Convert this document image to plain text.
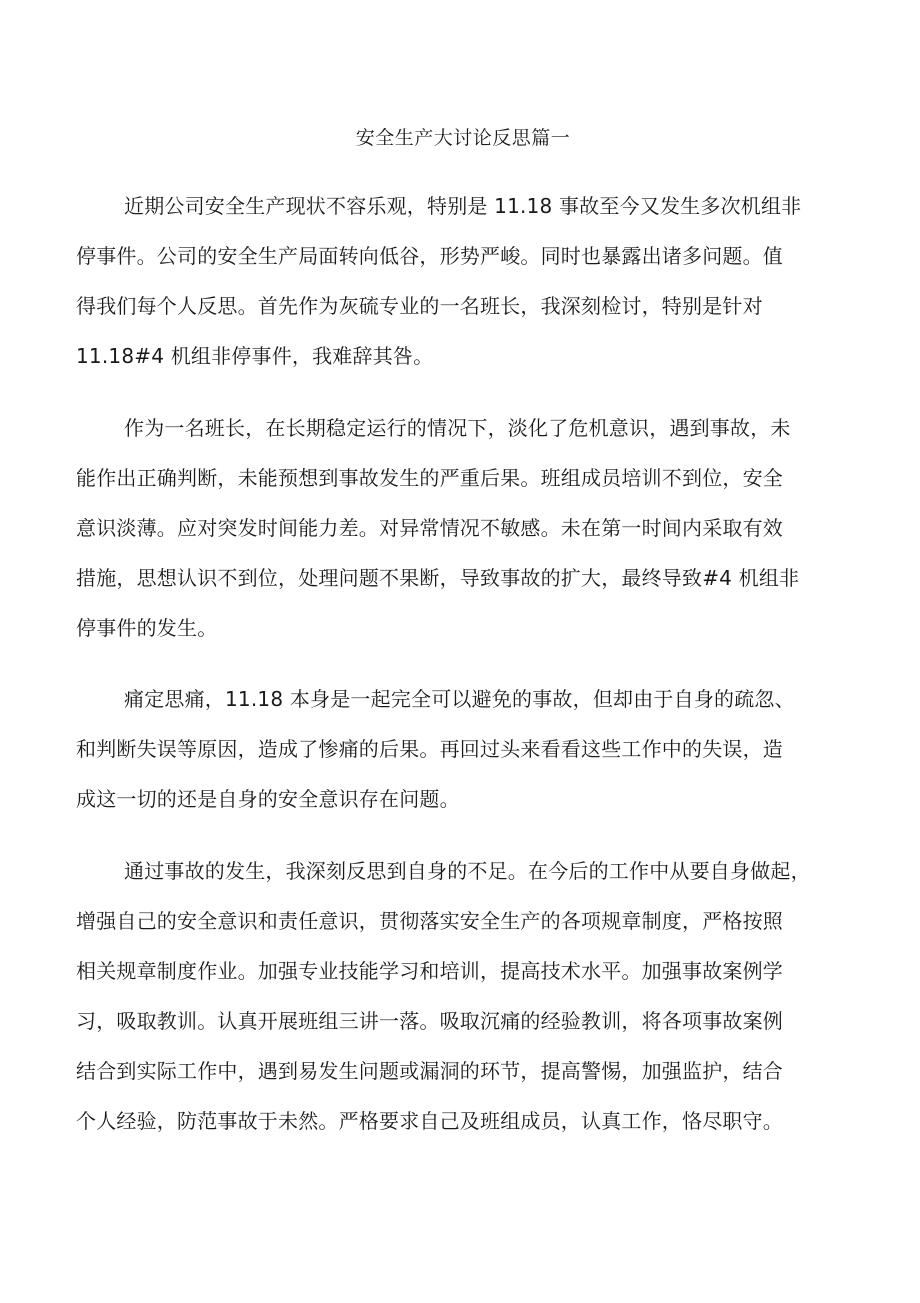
安全生产大讨论反思篇一
近期公司安全生产现状不容乐观，特别是 11.18 事故至今又发生多次机组非
停事件。公司的安全生产局面转向低谷，形势严峻。同时也暴露出诸多问题。值
得我们每个人反思。首先作为灰硫专业的一名班长，我深刻检讨，特别是针对
11.18#4 机组非停事件，我难辞其咎。
作为一名班长，在长期稳定运行的情况下，淡化了危机意识，遇到事故，未
能作出正确判断，未能预想到事故发生的严重后果。班组成员培训不到位，安全
意识淡薄。应对突发时间能力差。对异常情况不敏感。未在第一时间内采取有效
措施，思想认识不到位，处理问题不果断，导致事故的扩大，最终导致#4 机组非
停事件的发生。
痛定思痛，11.18 本身是一起完全可以避免的事故，但却由于自身的疏忽、
和判断失误等原因，造成了惨痛的后果。再回过头来看看这些工作中的失误，造
成这一切的还是自身的安全意识存在问题。
通过事故的发生，我深刻反思到自身的不足。在今后的工作中从要自身做起，
增强自己的安全意识和责任意识，贯彻落实安全生产的各项规章制度，严格按照
相关规章制度作业。加强专业技能学习和培训，提高技术水平。加强事故案例学
习，吸取教训。认真开展班组三讲一落。吸取沉痛的经验教训，将各项事故案例
结合到实际工作中，遇到易发生问题或漏洞的环节，提高警惕，加强监护，结合
个人经验，防范事故于未然。严格要求自己及班组成员，认真工作，恪尽职守。
